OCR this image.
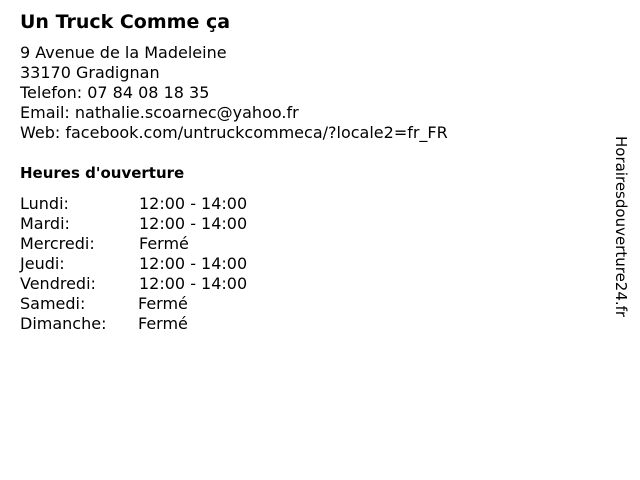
Un Truck Comme ça
9 Avenue de la Madeleine
33170 Gradignan
Telefon: 07 84 08 18 35
Email: nathalie.scoarnec@yahoo.fr
Web: facebook.com/untruckcommeca/?locale2=fr_FR
Heures d'ouverture
Lundi:	12:00 - 14:00
Mardi:	12:00 - 14:00
Mercredi:	Fermé
Jeudi:	12:00 - 14:00
Vendredi:	12:00 - 14:00
Samedi:	Fermé
Dimanche: Fermé
Horairesdouverture24.fr
